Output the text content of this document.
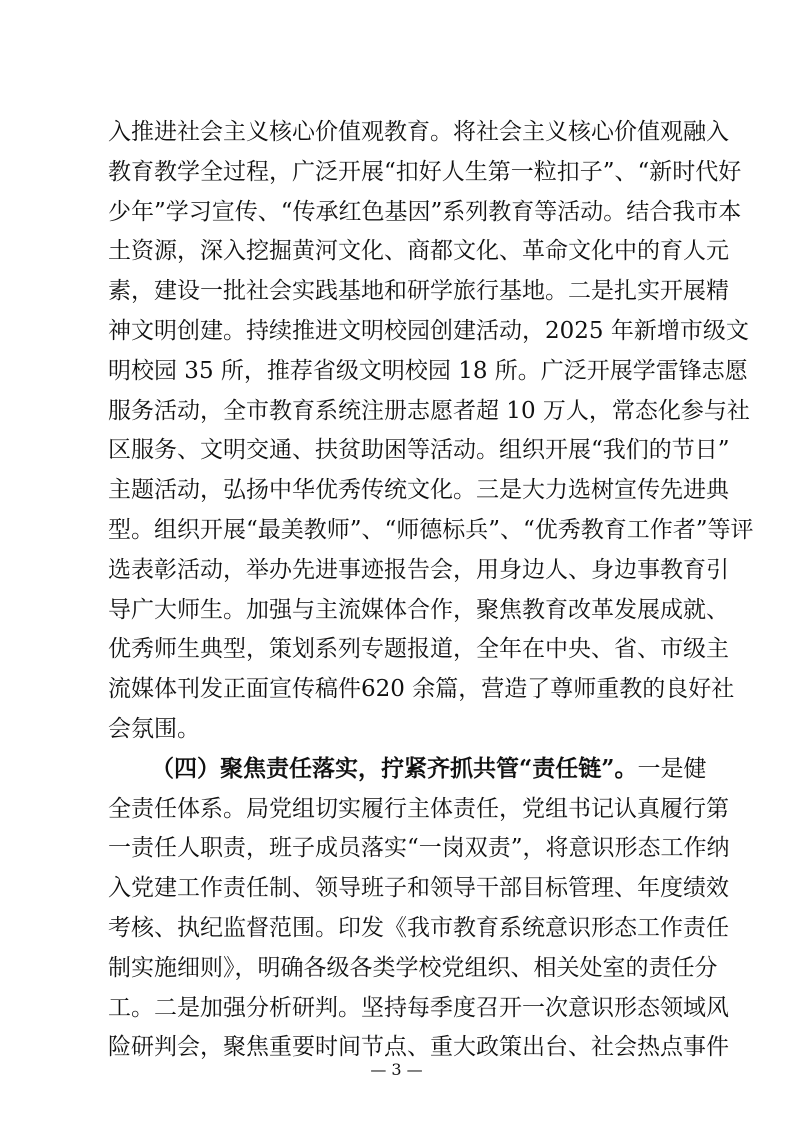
入推进社会主义核心价值观教育。将社会主义核心价值观融入
教育教学全过程，广泛开展“扣好人生第一粒扣子”、“新时代好
少年”学习宣传、“传承红色基因”系列教育等活动。结合我市本
土资源，深入挖掘黄河文化、商都文化、革命文化中的育人元
素，建设一批社会实践基地和研学旅行基地。二是扎实开展精
神文明创建。持续推进文明校园创建活动，2025 年新增市级文
明校园 35 所，推荐省级文明校园 18 所。广泛开展学雷锋志愿
服务活动，全市教育系统注册志愿者超 10 万人，常态化参与社
区服务、文明交通、扶贫助困等活动。组织开展“我们的节日”
主题活动，弘扬中华优秀传统文化。三是大力选树宣传先进典
型。组织开展“最美教师”、“师德标兵”、“优秀教育工作者”等评
选表彰活动，举办先进事迹报告会，用身边人、身边事教育引
导广大师生。加强与主流媒体合作，聚焦教育改革发展成就、
优秀师生典型，策划系列专题报道，全年在中央、省、市级主
流媒体刊发正面宣传稿件620 余篇，营造了尊师重教的良好社
会氛围。
（四）聚焦责任落实，拧紧齐抓共管“责任链”。一是健
全责任体系。局党组切实履行主体责任，党组书记认真履行第
一责任人职责，班子成员落实“一岗双责”，将意识形态工作纳
入党建工作责任制、领导班子和领导干部目标管理、年度绩效
考核、执纪监督范围。印发《我市教育系统意识形态工作责任
制实施细则》，明确各级各类学校党组织、相关处室的责任分
工。二是加强分析研判。坚持每季度召开一次意识形态领域风
险研判会，聚焦重要时间节点、重大政策出台、社会热点事件
— 3 —
